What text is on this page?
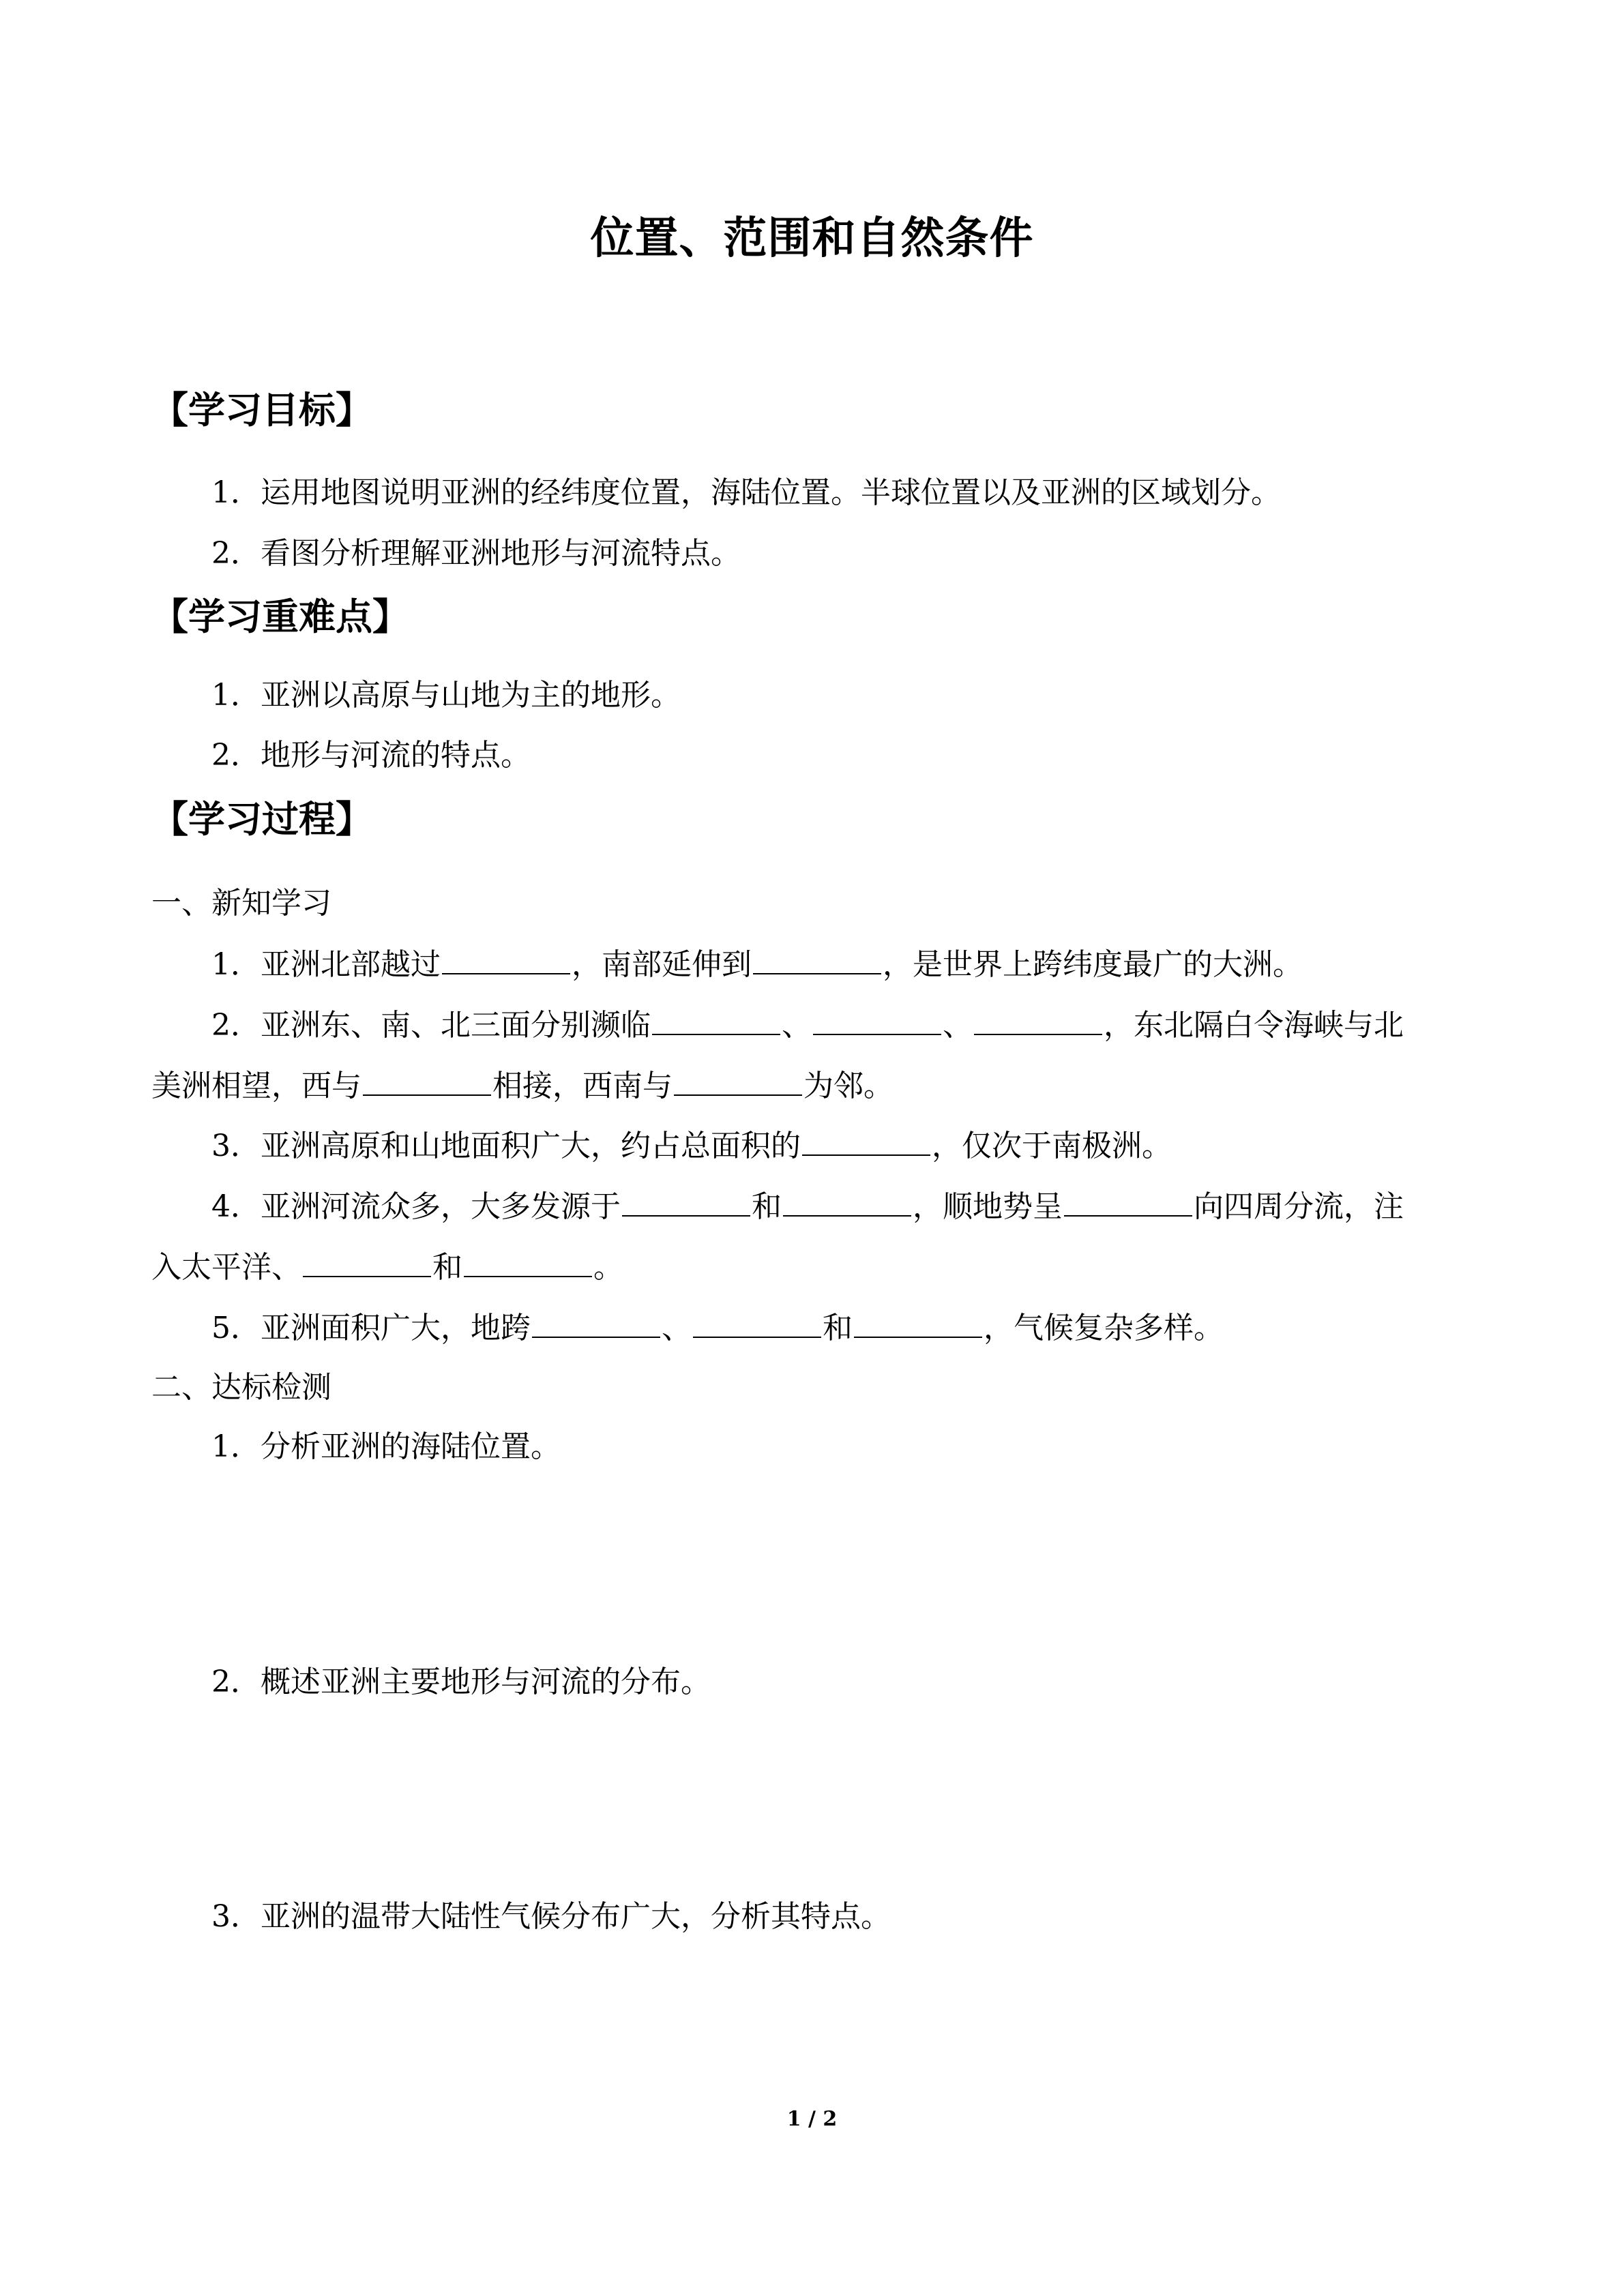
位置、范围和自然条件
【学习目标】
1．运用地图说明亚洲的经纬度位置，海陆位置。半球位置以及亚洲的区域划分。
2．看图分析理解亚洲地形与河流特点。
【学习重难点】
1．亚洲以高原与山地为主的地形。
2．地形与河流的特点。
【学习过程】
一、新知学习
1．亚洲北部越过	，南部延伸到	，是世界上跨纬度最广的大洲。
2．亚洲东、南、北三面分别濒临	、	、	，东北隔白令海峡与北
美洲相望，西与	相接，西南与	为邻。
3．亚洲高原和山地面积广大，约占总面积的	，仅次于南极洲。
4．亚洲河流众多，大多发源于	和	，顺地势呈	向四周分流，注
入太平洋、	和	。
5．亚洲面积广大，地跨	、	和	，气候复杂多样。
二、达标检测
1．分析亚洲的海陆位置。
2．概述亚洲主要地形与河流的分布。
3．亚洲的温带大陆性气候分布广大，分析其特点。
1 / 2
